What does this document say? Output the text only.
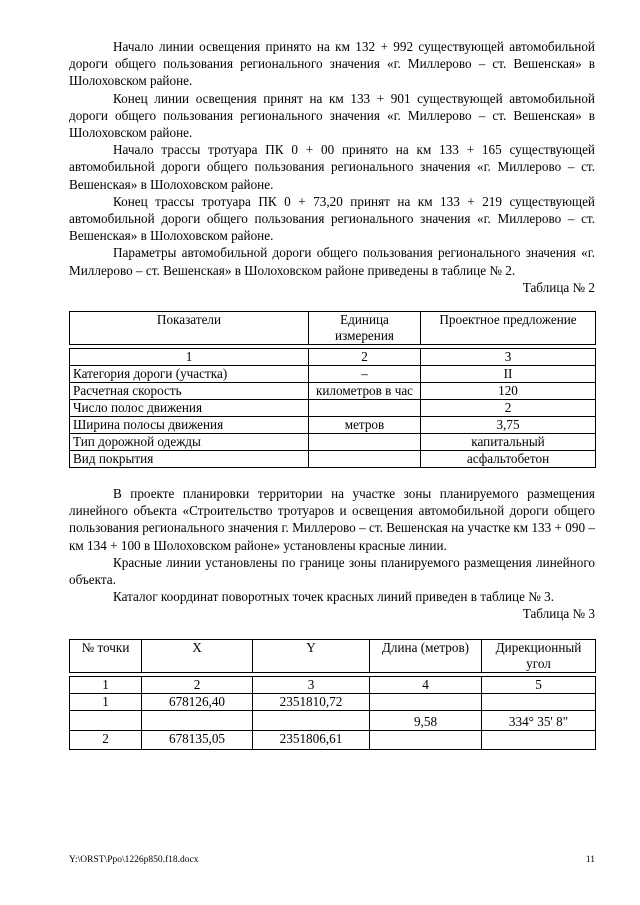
Начало линии освещения принято на км 132 + 992 существующей автомобильной дороги общего пользования регионального значения «г. Миллерово – ст. Вешенская» в Шолоховском районе.

Конец линии освещения принят на км 133 + 901 существующей автомобильной дороги общего пользования регионального значения «г. Миллерово – ст. Вешенская» в Шолоховском районе.

Начало трассы тротуара ПК 0 + 00 принято на км 133 + 165 существующей автомобильной дороги общего пользования регионального значения «г. Миллерово – ст. Вешенская» в Шолоховском районе.

Конец трассы тротуара ПК 0 + 73,20 принят на км 133 + 219 существующей автомобильной дороги общего пользования регионального значения «г. Миллерово – ст. Вешенская» в Шолоховском районе.

Параметры автомобильной дороги общего пользования регионального значения «г. Миллерово – ст. Вешенская» в Шолоховском районе приведены в таблице № 2.

Таблица № 2

Показатели	Единица измерения	Проектное предложение

1	2	3
Категория дороги (участка)	–	II
Расчетная скорость	километров в час	120
Число полос движения		2
Ширина полосы движения	метров	3,75
Тип дорожной одежды		капитальный
Вид покрытия		асфальтобетон

В проекте планировки территории на участке зоны планируемого размещения линейного объекта «Строительство тротуаров и освещения автомобильной дороги общего пользования регионального значения г. Миллерово – ст. Вешенская на участке км 133 + 090 – км 134 + 100 в Шолоховском районе» установлены красные линии.

Красные линии установлены по границе зоны планируемого размещения линейного объекта.

Каталог координат поворотных точек красных линий приведен в таблице № 3.

Таблица № 3

№ точки	X	Y	Длина (метров)	Дирекционный угол

1	2	3	4	5
1	678126,40	2351810,72		
			9,58	334° 35' 8"
2	678135,05	2351806,61		
Y:\ORST\Ppo\1226p850.f18.docx	11
